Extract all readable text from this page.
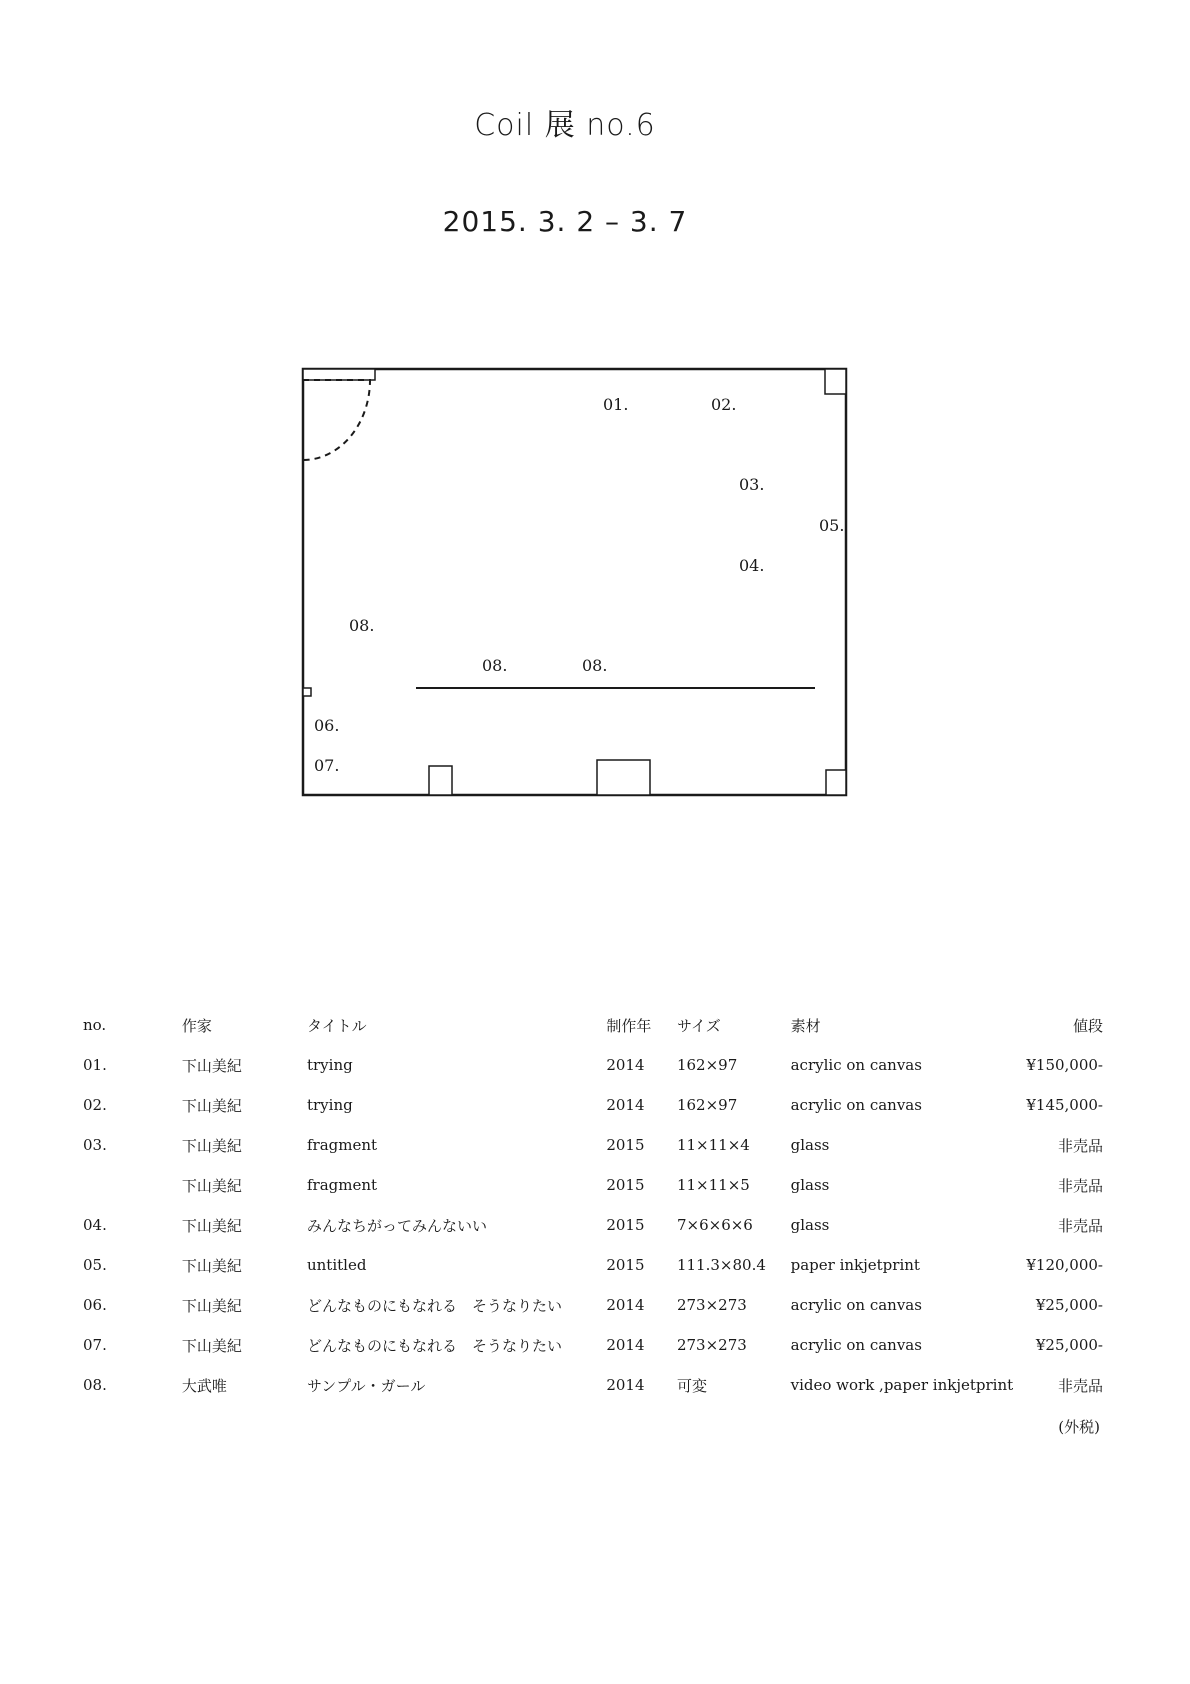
Coil 展 no.6
2015. 3. 2 – 3. 7
01.	02.
03.
05.
04.
08.
08.	08.
06.
07.
no.	作家	タイトル	制作年	サイズ	素材	値段
01.	下山美紀	trying	2014	162×97	acrylic on canvas	¥150,000-
02.	下山美紀	trying	2014	162×97	acrylic on canvas	¥145,000-
03.	下山美紀	fragment	2015	11×11×4	glass	非売品
	下山美紀	fragment	2015	11×11×5	glass	非売品
04.	下山美紀	みんなちがってみんないい	2015	7×6×6×6	glass	非売品
05.	下山美紀	untitled	2015	111.3×80.4	paper inkjetprint	¥120,000-
06.	下山美紀	どんなものにもなれる　そうなりたい	2014	273×273	acrylic on canvas	¥25,000-
07.	下山美紀	どんなものにもなれる　そうなりたい	2014	273×273	acrylic on canvas	¥25,000-
08.	大武唯	サンプル・ガール	2014	可変	video work ,paper inkjetprint	非売品
(外税)
